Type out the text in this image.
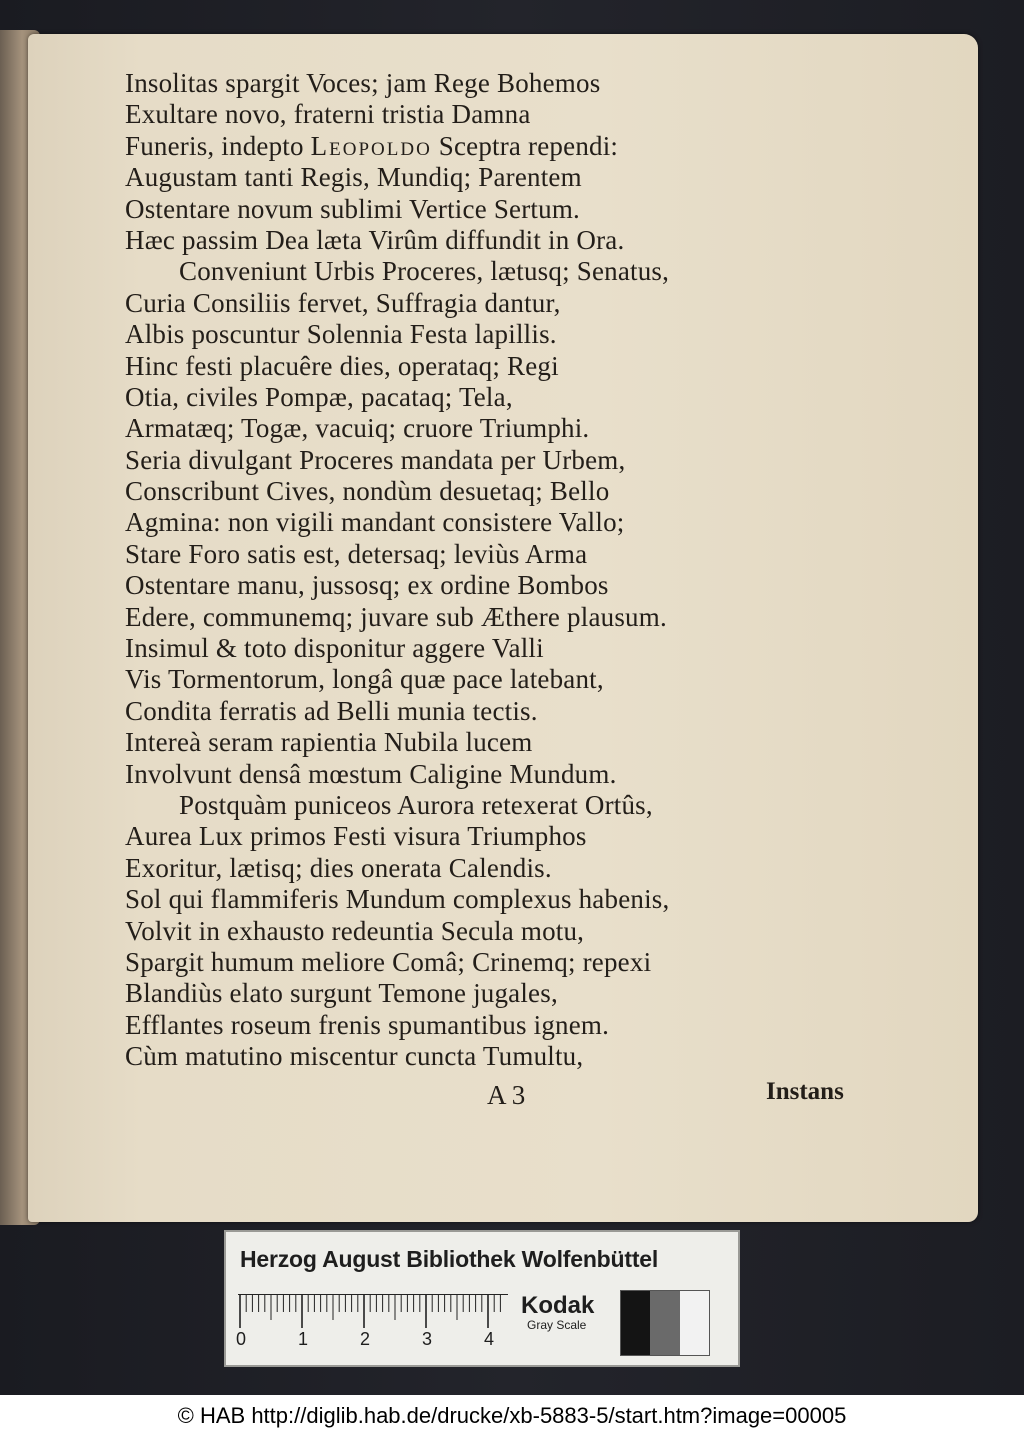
Insolitas spargit Voces; jam Rege Bohemos
Exultare novo, fraterni tristia Damna
Funeris, indepto Leopoldo Sceptra rependi:
Augustam tanti Regis, Mundiq; Parentem
Ostentare novum sublimi Vertice Sertum.
Hæc passim Dea læta Virûm diffundit in Ora.
Conveniunt Urbis Proceres, lætusq; Senatus,
Curia Consiliis fervet, Suffragia dantur,
Albis poscuntur Solennia Festa lapillis.
Hinc festi placuêre dies, operataq; Regi
Otia, civiles Pompæ, pacataq; Tela,
Armatæq; Togæ, vacuiq; cruore Triumphi.
Seria divulgant Proceres mandata per Urbem,
Conscribunt Cives, nondùm desuetaq; Bello
Agmina: non vigili mandant consistere Vallo;
Stare Foro satis est, detersaq; leviùs Arma
Ostentare manu, jussosq; ex ordine Bombos
Edere, communemq; juvare sub Æthere plausum.
Insimul & toto disponitur aggere Valli
Vis Tormentorum, longâ quæ pace latebant,
Condita ferratis ad Belli munia tectis.
Intereà seram rapientia Nubila lucem
Involvunt densâ mœstum Caligine Mundum.
Postquàm puniceos Aurora retexerat Ortûs,
Aurea Lux primos Festi visura Triumphos
Exoritur, lætisq; dies onerata Calendis.
Sol qui flammiferis Mundum complexus habenis,
Volvit in exhausto redeuntia Secula motu,
Spargit humum meliore Comâ; Crinemq; repexi
Blandiùs elato surgunt Temone jugales,
Efflantes roseum frenis spumantibus ignem.
Cùm matutino miscentur cuncta Tumultu,
A 3	Instans
Herzog August Bibliothek Wolfenbüttel
0	1	2	3	4
Kodak
Gray Scale
© HAB http://diglib.hab.de/drucke/xb-5883-5/start.htm?image=00005
